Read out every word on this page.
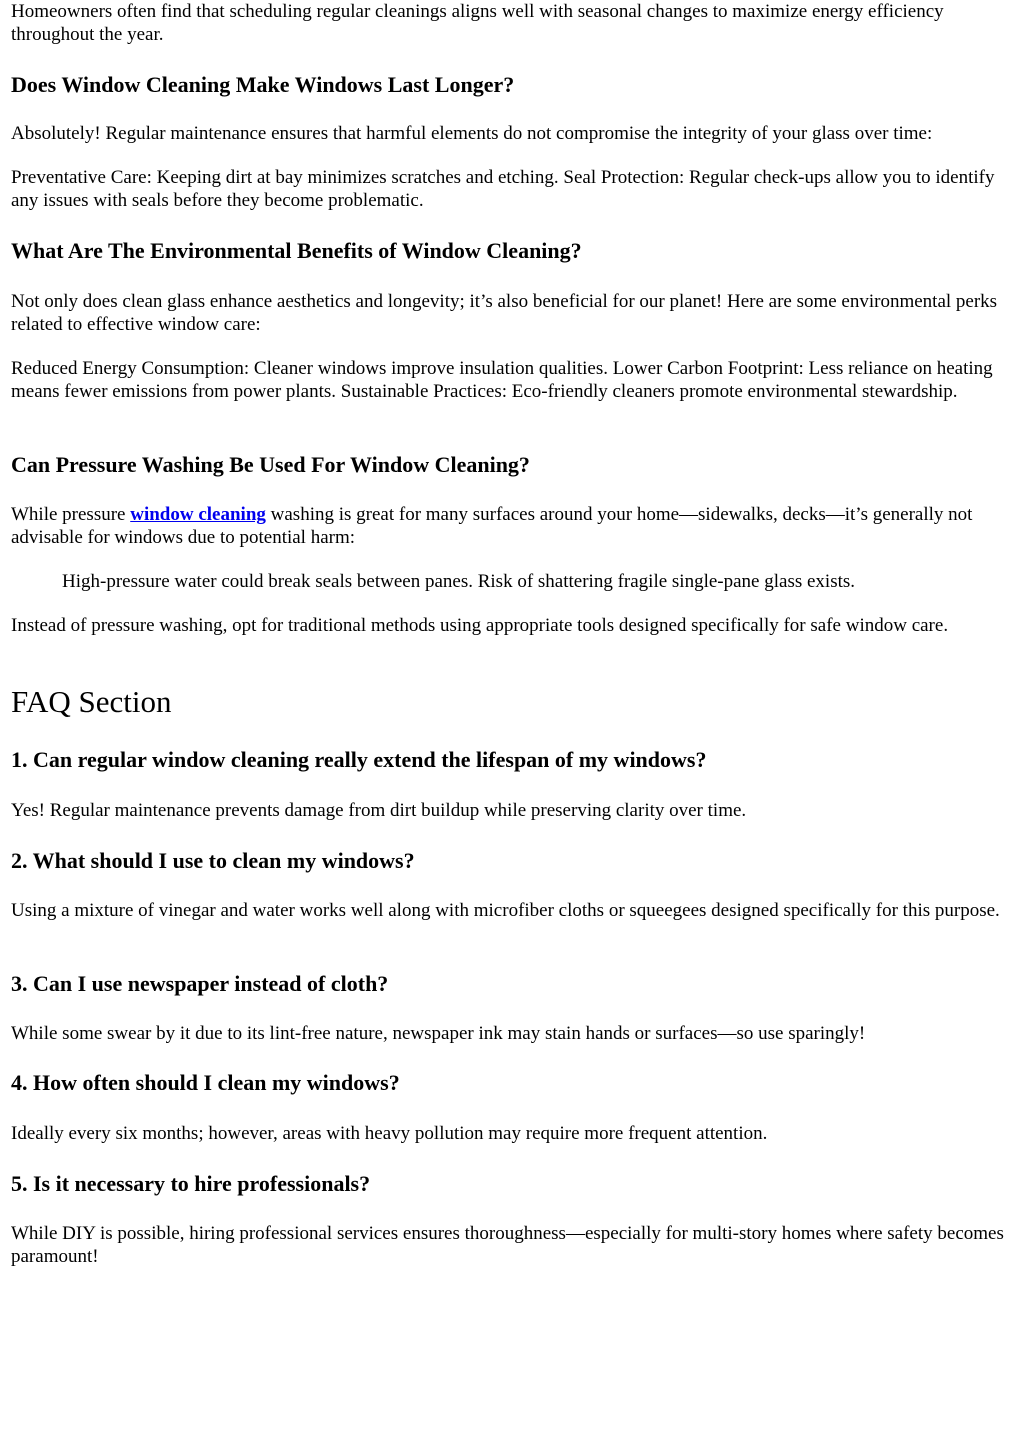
Homeowners often find that scheduling regular cleanings aligns well with seasonal changes to maximize energy efficiency throughout the year.

Does Window Cleaning Make Windows Last Longer?

Absolutely! Regular maintenance ensures that harmful elements do not compromise the integrity of your glass over time:

Preventative Care: Keeping dirt at bay minimizes scratches and etching. Seal Protection: Regular check-ups allow you to identify any issues with seals before they become problematic.

What Are The Environmental Benefits of Window Cleaning?

Not only does clean glass enhance aesthetics and longevity; it’s also beneficial for our planet! Here are some environmental perks related to effective window care:

Reduced Energy Consumption: Cleaner windows improve insulation qualities. Lower Carbon Footprint: Less reliance on heating means fewer emissions from power plants. Sustainable Practices: Eco-friendly cleaners promote environmental stewardship.

Can Pressure Washing Be Used For Window Cleaning?

While pressure window cleaning washing is great for many surfaces around your home—sidewalks, decks—it’s generally not advisable for windows due to potential harm:

High-pressure water could break seals between panes. Risk of shattering fragile single-pane glass exists.

Instead of pressure washing, opt for traditional methods using appropriate tools designed specifically for safe window care.

FAQ Section
1. Can regular window cleaning really extend the lifespan of my windows?

Yes! Regular maintenance prevents damage from dirt buildup while preserving clarity over time.

2. What should I use to clean my windows?

Using a mixture of vinegar and water works well along with microfiber cloths or squeegees designed specifically for this purpose.

3. Can I use newspaper instead of cloth?

While some swear by it due to its lint-free nature, newspaper ink may stain hands or surfaces—so use sparingly!

4. How often should I clean my windows?

Ideally every six months; however, areas with heavy pollution may require more frequent attention.

5. Is it necessary to hire professionals?

While DIY is possible, hiring professional services ensures thoroughness—especially for multi-story homes where safety becomes paramount!
